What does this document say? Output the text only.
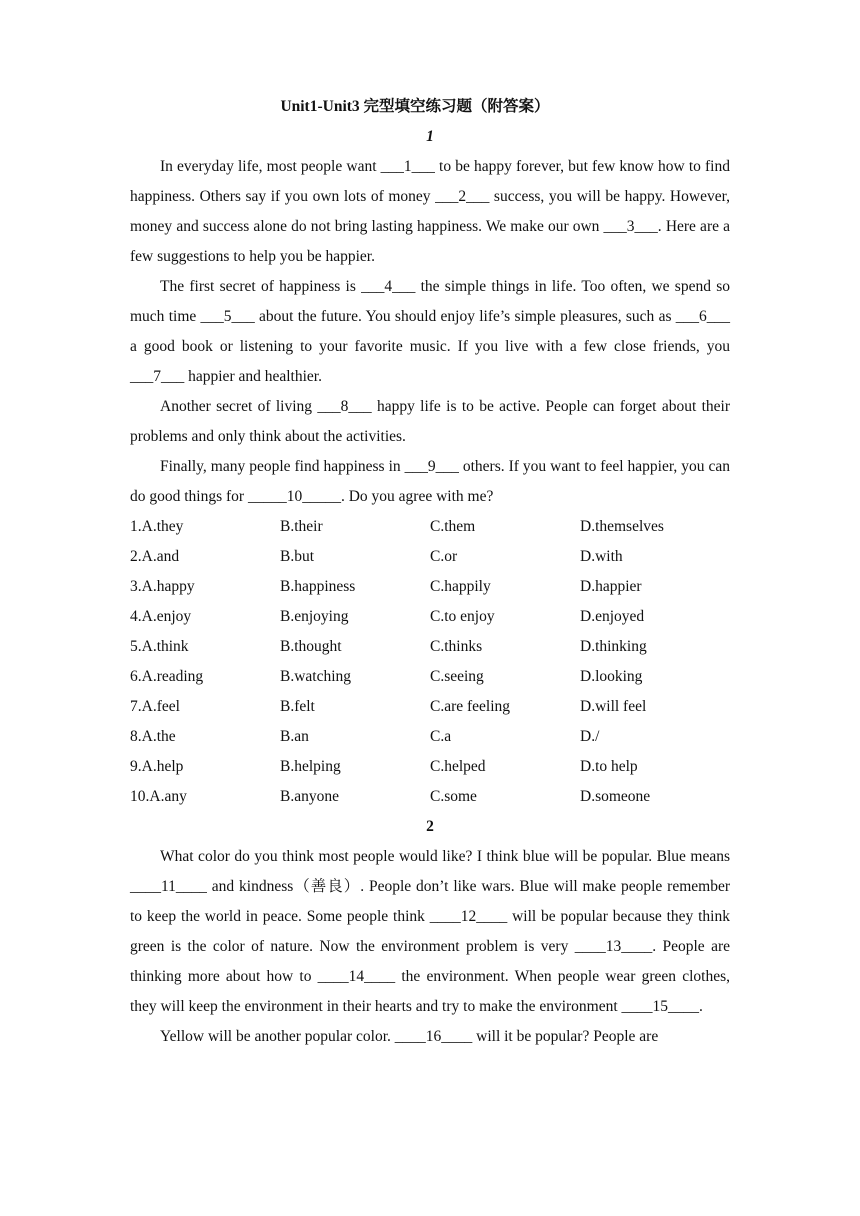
Unit1-Unit3 完型填空练习题（附答案）
1

In everyday life, most people want ___1___ to be happy forever, but few know how to find happiness. Others say if you own lots of money ___2___ success, you will be happy. However, money and success alone do not bring lasting happiness. We make our own ___3___. Here are a few suggestions to help you be happier.

The first secret of happiness is ___4___ the simple things in life. Too often, we spend so much time ___5___ about the future. You should enjoy life’s simple pleasures, such as ___6___ a good book or listening to your favorite music. If you live with a few close friends, you ___7___ happier and healthier.

Another secret of living ___8___ happy life is to be active. People can forget about their problems and only think about the activities.

Finally, many people find happiness in ___9___ others. If you want to feel happier, you can do good things for _____10_____. Do you agree with me?

1.A.they	B.their	C.them	D.themselves
2.A.and	B.but	C.or	D.with
3.A.happy	B.happiness	C.happily	D.happier
4.A.enjoy	B.enjoying	C.to enjoy	D.enjoyed
5.A.think	B.thought	C.thinks	D.thinking
6.A.reading	B.watching	C.seeing	D.looking
7.A.feel	B.felt	C.are feeling	D.will feel
8.A.the	B.an	C.a	D./
9.A.help	B.helping	C.helped	D.to help
10.A.any	B.anyone	C.some	D.someone
2

What color do you think most people would like? I think blue will be popular. Blue means ____11____ and kindness（善良）. People don’t like wars. Blue will make people remember to keep the world in peace. Some people think ____12____ will be popular because they think green is the color of nature. Now the environment problem is very ____13____. People are thinking more about how to ____14____ the environment. When people wear green clothes, they will keep the environment in their hearts and try to make the environment ____15____.

Yellow will be another popular color. ____16____ will it be popular? People are
